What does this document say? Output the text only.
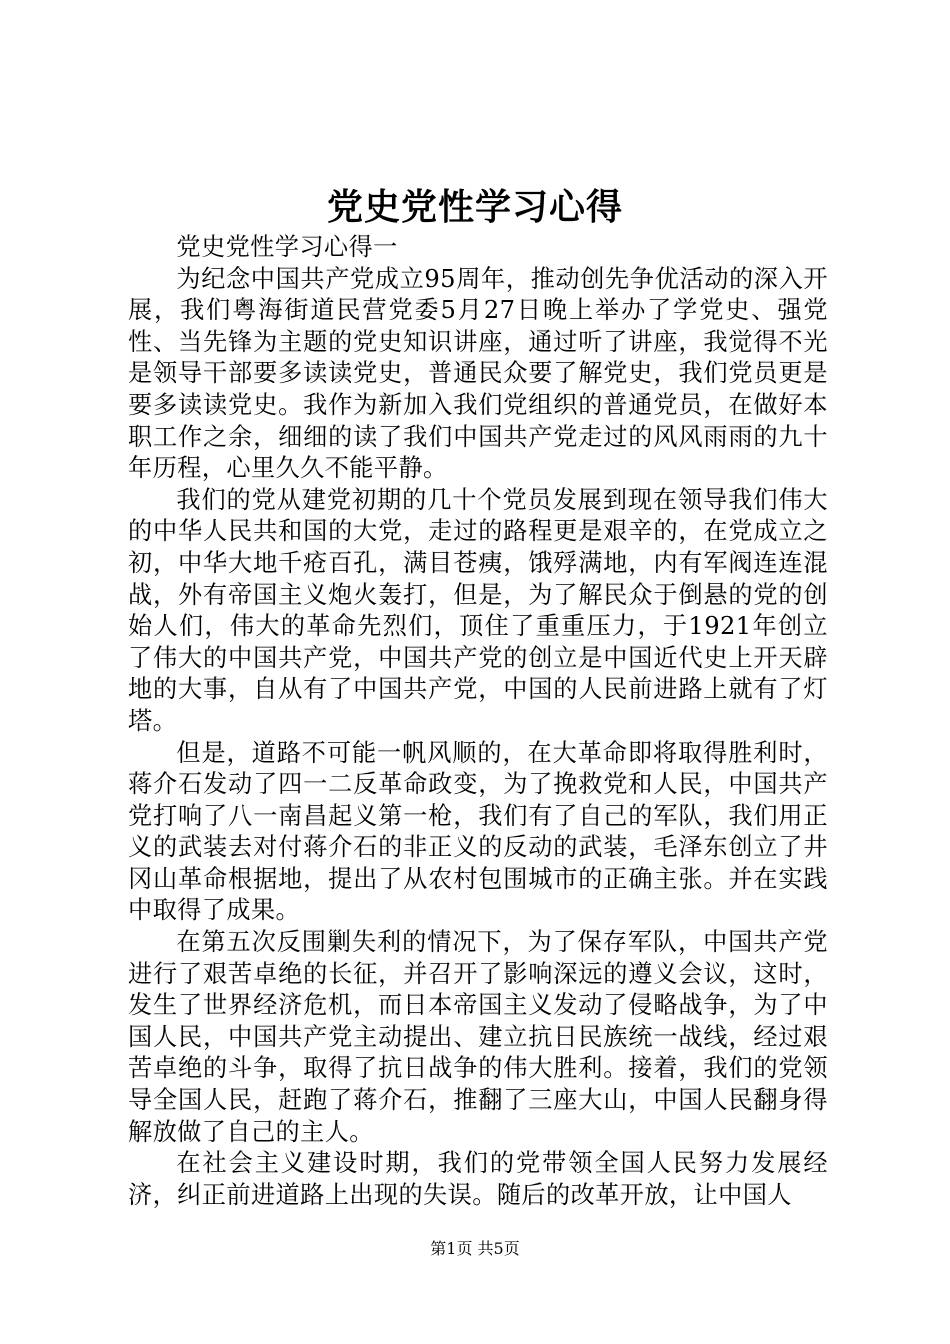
党史党性学习心得

党史党性学习心得一

为纪念中国共产党成立95周年，推动创先争优活动的深入开展，我们粤海街道民营党委5月27日晚上举办了学党史、强党性、当先锋为主题的党史知识讲座，通过听了讲座，我觉得不光是领导干部要多读读党史，普通民众要了解党史，我们党员更是要多读读党史。我作为新加入我们党组织的普通党员，在做好本职工作之余，细细的读了我们中国共产党走过的风风雨雨的九十年历程，心里久久不能平静。

我们的党从建党初期的几十个党员发展到现在领导我们伟大的中华人民共和国的大党，走过的路程更是艰辛的，在党成立之初，中华大地千疮百孔，满目苍痍，饿殍满地，内有军阀连连混战，外有帝国主义炮火轰打，但是，为了解民众于倒悬的党的创始人们，伟大的革命先烈们，顶住了重重压力，于1921年创立了伟大的中国共产党，中国共产党的创立是中国近代史上开天辟地的大事，自从有了中国共产党，中国的人民前进路上就有了灯塔。

但是，道路不可能一帆风顺的，在大革命即将取得胜利时，蒋介石发动了四一二反革命政变，为了挽救党和人民，中国共产党打响了八一南昌起义第一枪，我们有了自己的军队，我们用正义的武装去对付蒋介石的非正义的反动的武装，毛泽东创立了井冈山革命根据地，提出了从农村包围城市的正确主张。并在实践中取得了成果。

在第五次反围剿失利的情况下，为了保存军队，中国共产党进行了艰苦卓绝的长征，并召开了影响深远的遵义会议，这时，发生了世界经济危机，而日本帝国主义发动了侵略战争，为了中国人民，中国共产党主动提出、建立抗日民族统一战线，经过艰苦卓绝的斗争，取得了抗日战争的伟大胜利。接着，我们的党领导全国人民，赶跑了蒋介石，推翻了三座大山，中国人民翻身得解放做了自己的主人。

在社会主义建设时期，我们的党带领全国人民努力发展经济，纠正前进道路上出现的失误。随后的改革开放，让中国人

第1页 共5页
